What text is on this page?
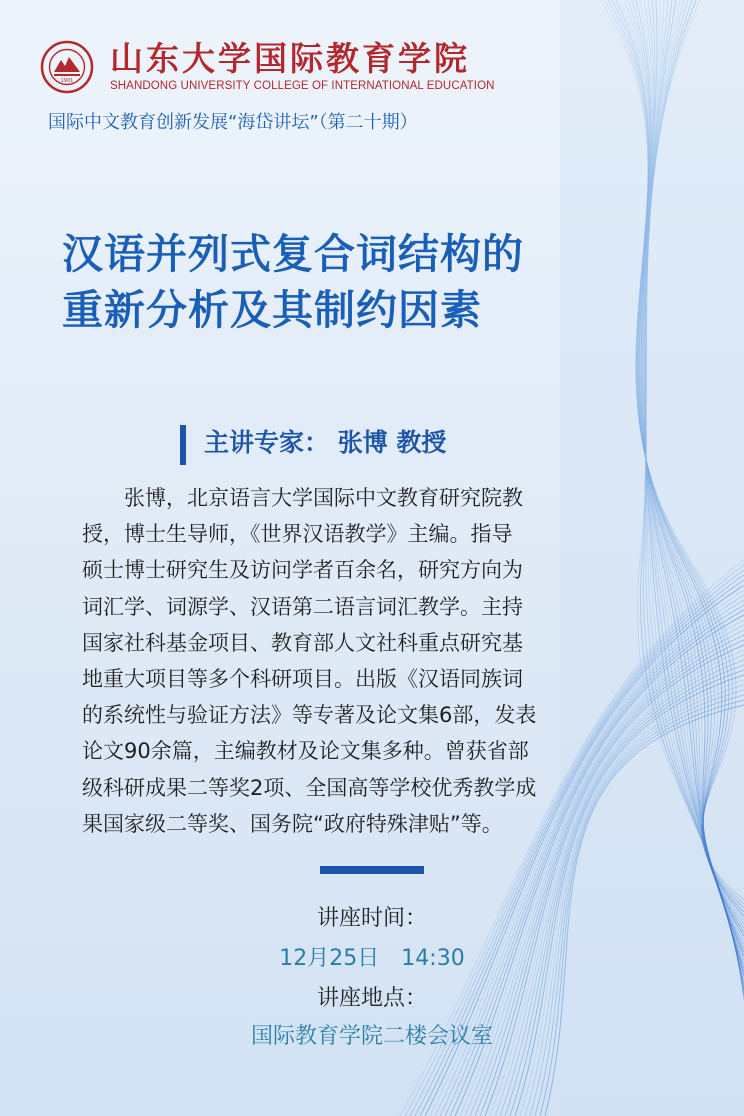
1901
山东大学国际教育学院
SHANDONG UNIVERSITY COLLEGE OF INTERNATIONAL EDUCATION
国际中文教育创新发展“海岱讲坛”（第二十期）
汉语并列式复合词结构的
重新分析及其制约因素
主讲专家： 张博 教授
　　张博，北京语言大学国际中文教育研究院教
授，博士生导师，《世界汉语教学》主编。指导
硕士博士研究生及访问学者百余名，研究方向为
词汇学、词源学、汉语第二语言词汇教学。主持
国家社科基金项目、教育部人文社科重点研究基
地重大项目等多个科研项目。出版《汉语同族词
的系统性与验证方法》等专著及论文集6部，发表
论文90余篇，主编教材及论文集多种。曾获省部
级科研成果二等奖2项、全国高等学校优秀教学成
果国家级二等奖、国务院“政府特殊津贴”等。
讲座时间：
12月25日　14:30
讲座地点：
国际教育学院二楼会议室
